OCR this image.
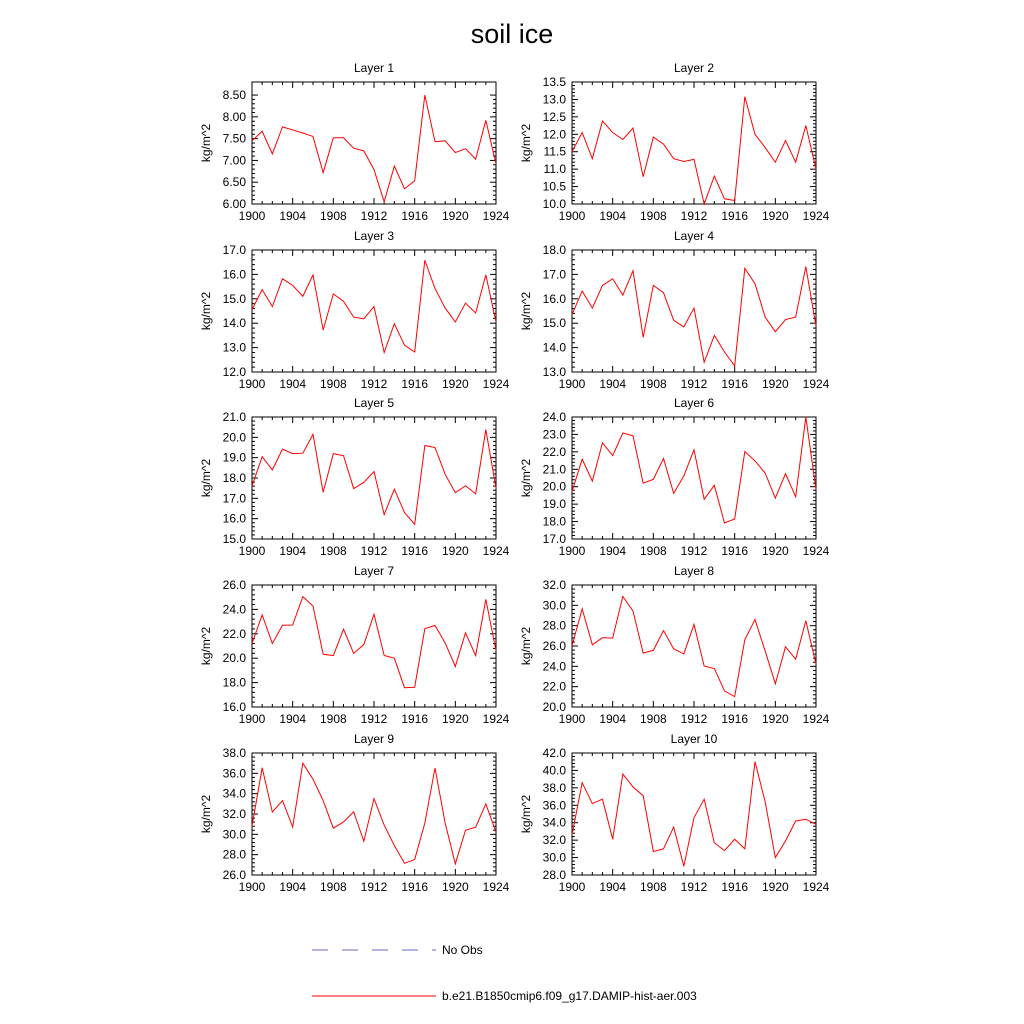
soil ice
Layer 1
kg/m^2
1900 1904 1908 1912 1916 1920 1924
6.00
6.50
7.00
7.50
8.00
8.50
Layer 2
kg/m^2
1900 1904 1908 1912 1916 1920 1924
10.0
10.5
11.0
11.5
12.0
12.5
13.0
13.5
Layer 3
kg/m^2
1900 1904 1908 1912 1916 1920 1924
12.0
13.0
14.0
15.0
16.0
17.0
Layer 4
kg/m^2
1900 1904 1908 1912 1916 1920 1924
13.0
14.0
15.0
16.0
17.0
18.0
Layer 5
kg/m^2
1900 1904 1908 1912 1916 1920 1924
15.0
16.0
17.0
18.0
19.0
20.0
21.0
Layer 6
kg/m^2
1900 1904 1908 1912 1916 1920 1924
17.0
18.0
19.0
20.0
21.0
22.0
23.0
24.0
Layer 7
kg/m^2
1900 1904 1908 1912 1916 1920 1924
16.0
18.0
20.0
22.0
24.0
26.0
Layer 8
kg/m^2
1900 1904 1908 1912 1916 1920 1924
20.0
22.0
24.0
26.0
28.0
30.0
32.0
Layer 9
kg/m^2
1900 1904 1908 1912 1916 1920 1924
26.0
28.0
30.0
32.0
34.0
36.0
38.0
Layer 10
kg/m^2
1900 1904 1908 1912 1916 1920 1924
28.0
30.0
32.0
34.0
36.0
38.0
40.0
42.0
No Obs
b.e21.B1850cmip6.f09_g17.DAMIP-hist-aer.003
